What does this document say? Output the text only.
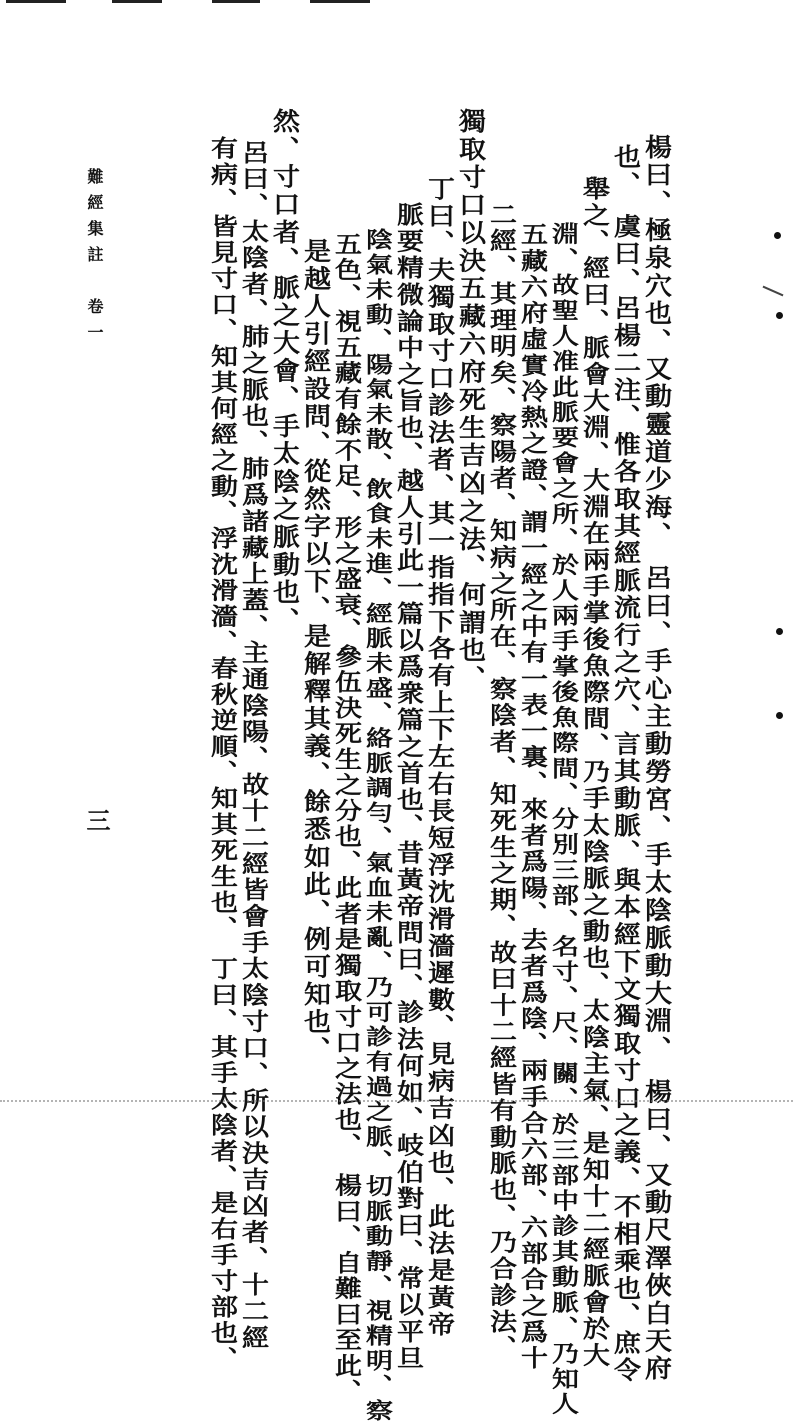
楊曰、極泉穴也、又動靈道少海、　呂曰、手心主動勞宮、手太陰脈動大淵、　楊曰、又動尺澤俠白天府
也、　虞曰、呂楊二注、惟各取其經脈流行之穴、言其動脈、與本經下文獨取寸口之義、不相乘也、庶令
舉之、經曰、脈會大淵、大淵在兩手掌後魚際間、乃手太陰脈之動也、太陰主氣、是知十二經脈會於大
淵、故聖人准此脈要會之所、於人兩手掌後魚際間、分別三部、名寸、尺、關、於三部中診其動脈、乃知人
五藏六府虛實冷熱之證、謂一經之中有一表一裏、來者爲陽、去者爲陰、兩手合六部、六部合之爲十
二經、其理明矣、察陽者、知病之所在、察陰者、知死生之期、故曰十二經皆有動脈也、乃合診法、
獨取寸口以決五藏六府死生吉凶之法、何謂也、
丁曰、夫獨取寸口診法者、其一指指下各有上下左右長短浮沈滑濇遲數、見病吉凶也、此法是黃帝
脈要精微論中之旨也、越人引此一篇以爲衆篇之首也、昔黃帝問曰、診法何如、岐伯對曰、常以平旦
陰氣未動、陽氣未散、飲食未進、經脈未盛、絡脈調勻、氣血未亂、乃可診有過之脈、切脈動靜、視精明、察
五色、視五藏有餘不足、形之盛衰、參伍決死生之分也、此者是獨取寸口之法也、　楊曰、自難曰至此、
是越人引經設問、從然字以下、是解釋其義、餘悉如此、例可知也、
然、寸口者、脈之大會、手太陰之脈動也、
呂曰、太陰者、肺之脈也、肺爲諸藏上蓋、主通陰陽、故十二經皆會手太陰寸口、所以決吉凶者、十二經
有病、皆見寸口、知其何經之動、浮沈滑濇、春秋逆順、知其死生也、　丁曰、其手太陰者、是右手寸部也、
難經集註　卷一
三
